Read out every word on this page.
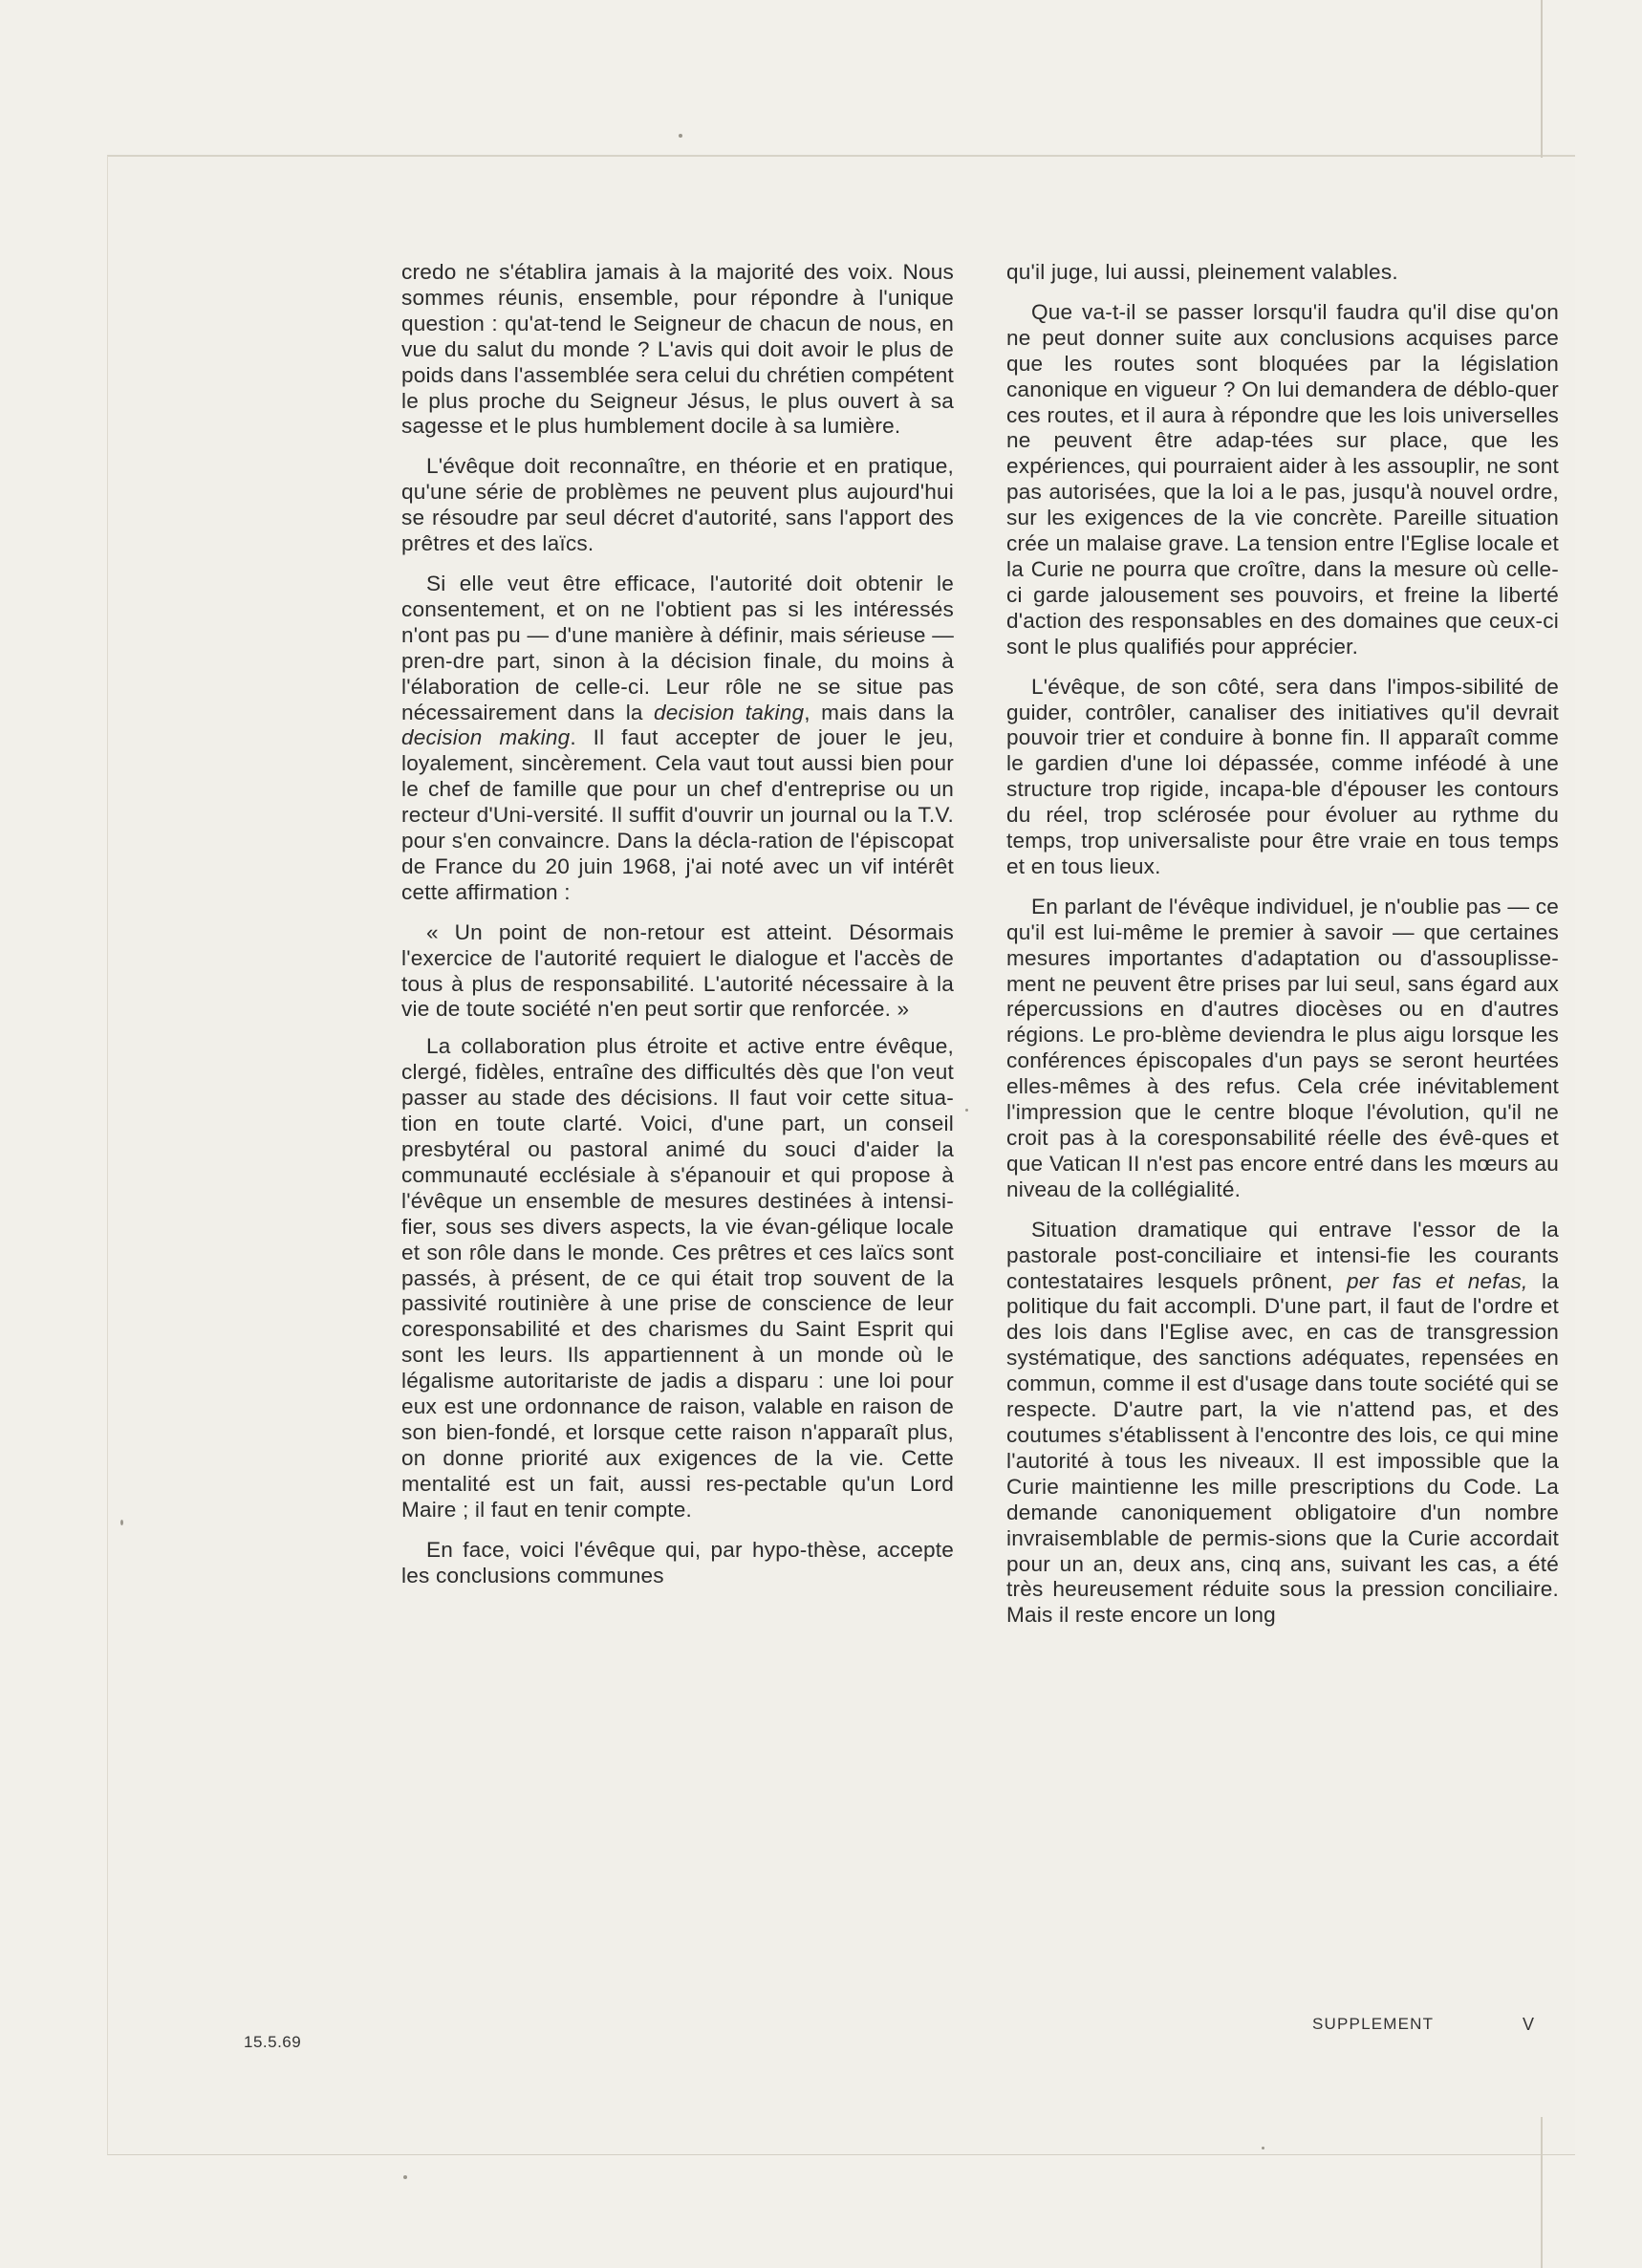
credo ne s'établira jamais à la majorité des voix. Nous sommes réunis, ensemble, pour répondre à l'unique question : qu'at-tend le Seigneur de chacun de nous, en vue du salut du monde ? L'avis qui doit avoir le plus de poids dans l'assemblée sera celui du chrétien compétent le plus proche du Seigneur Jésus, le plus ouvert à sa sagesse et le plus humblement docile à sa lumière.

L'évêque doit reconnaître, en théorie et en pratique, qu'une série de problèmes ne peuvent plus aujourd'hui se résoudre par seul décret d'autorité, sans l'apport des prêtres et des laïcs.

Si elle veut être efficace, l'autorité doit obtenir le consentement, et on ne l'obtient pas si les intéressés n'ont pas pu — d'une manière à définir, mais sérieuse — pren-dre part, sinon à la décision finale, du moins à l'élaboration de celle-ci. Leur rôle ne se situe pas nécessairement dans la decision taking, mais dans la decision making. Il faut accepter de jouer le jeu, loyalement, sincèrement. Cela vaut tout aussi bien pour le chef de famille que pour un chef d'entreprise ou un recteur d'Uni-versité. Il suffit d'ouvrir un journal ou la T.V. pour s'en convaincre. Dans la décla-ration de l'épiscopat de France du 20 juin 1968, j'ai noté avec un vif intérêt cette affirmation :

« Un point de non-retour est atteint. Désormais l'exercice de l'autorité requiert le dialogue et l'accès de tous à plus de responsabilité. L'autorité nécessaire à la vie de toute société n'en peut sortir que renforcée. »

La collaboration plus étroite et active entre évêque, clergé, fidèles, entraîne des difficultés dès que l'on veut passer au stade des décisions. Il faut voir cette situa-tion en toute clarté. Voici, d'une part, un conseil presbytéral ou pastoral animé du souci d'aider la communauté ecclésiale à s'épanouir et qui propose à l'évêque un ensemble de mesures destinées à intensi-fier, sous ses divers aspects, la vie évan-gélique locale et son rôle dans le monde. Ces prêtres et ces laïcs sont passés, à présent, de ce qui était trop souvent de la passivité routinière à une prise de conscience de leur coresponsabilité et des charismes du Saint Esprit qui sont les leurs. Ils appartiennent à un monde où le légalisme autoritariste de jadis a disparu : une loi pour eux est une ordonnance de raison, valable en raison de son bien-fondé, et lorsque cette raison n'apparaît plus, on donne priorité aux exigences de la vie. Cette mentalité est un fait, aussi res-pectable qu'un Lord Maire ; il faut en tenir compte.

En face, voici l'évêque qui, par hypo-thèse, accepte les conclusions communes

qu'il juge, lui aussi, pleinement valables.

Que va-t-il se passer lorsqu'il faudra qu'il dise qu'on ne peut donner suite aux conclusions acquises parce que les routes sont bloquées par la législation canonique en vigueur ? On lui demandera de déblo-quer ces routes, et il aura à répondre que les lois universelles ne peuvent être adap-tées sur place, que les expériences, qui pourraient aider à les assouplir, ne sont pas autorisées, que la loi a le pas, jusqu'à nouvel ordre, sur les exigences de la vie concrète. Pareille situation crée un malaise grave. La tension entre l'Eglise locale et la Curie ne pourra que croître, dans la mesure où celle-ci garde jalousement ses pouvoirs, et freine la liberté d'action des responsables en des domaines que ceux-ci sont le plus qualifiés pour apprécier.

L'évêque, de son côté, sera dans l'impos-sibilité de guider, contrôler, canaliser des initiatives qu'il devrait pouvoir trier et conduire à bonne fin. Il apparaît comme le gardien d'une loi dépassée, comme inféodé à une structure trop rigide, incapa-ble d'épouser les contours du réel, trop sclérosée pour évoluer au rythme du temps, trop universaliste pour être vraie en tous temps et en tous lieux.

En parlant de l'évêque individuel, je n'oublie pas — ce qu'il est lui-même le premier à savoir — que certaines mesures importantes d'adaptation ou d'assouplisse-ment ne peuvent être prises par lui seul, sans égard aux répercussions en d'autres diocèses ou en d'autres régions. Le pro-blème deviendra le plus aigu lorsque les conférences épiscopales d'un pays se seront heurtées elles-mêmes à des refus. Cela crée inévitablement l'impression que le centre bloque l'évolution, qu'il ne croit pas à la coresponsabilité réelle des évê-ques et que Vatican II n'est pas encore entré dans les mœurs au niveau de la collégialité.

Situation dramatique qui entrave l'essor de la pastorale post-conciliaire et intensi-fie les courants contestataires lesquels prônent, per fas et nefas, la politique du fait accompli. D'une part, il faut de l'ordre et des lois dans l'Eglise avec, en cas de transgression systématique, des sanctions adéquates, repensées en commun, comme il est d'usage dans toute société qui se respecte. D'autre part, la vie n'attend pas, et des coutumes s'établissent à l'encontre des lois, ce qui mine l'autorité à tous les niveaux. Il est impossible que la Curie maintienne les mille prescriptions du Code. La demande canoniquement obligatoire d'un nombre invraisemblable de permis-sions que la Curie accordait pour un an, deux ans, cinq ans, suivant les cas, a été très heureusement réduite sous la pression conciliaire. Mais il reste encore un long

15.5.69
SUPPLEMENT	V
